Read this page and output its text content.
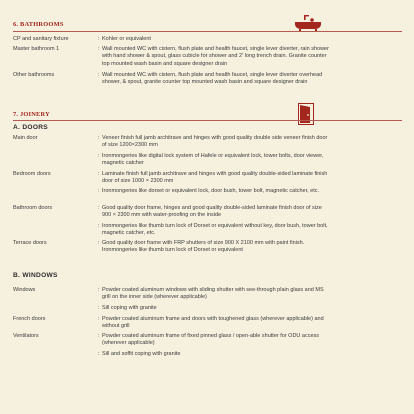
6. BATHROOMS
CP and sanitary fixture	: Kohler or equivalent
Master bathroom 1	: Wall mounted WC with cistern, flush plate and health faucet, single lever diverter, rain shower with hand shower & spout, glass cubicle for shower and 2' long trench drain. Granite counter top mounted wash basin and square designer drain
Other bathrooms	: Wall mounted WC with cistern, flush plate and health faucet, single lever diverter overhead shower, & spout, granite counter top mounted wash basin and square designer drain
7. JOINERY
A. DOORS
Main door	: Veneer finish full jamb architrave and hinges with good quality double side veneer finish door of size 1200×2300 mm
: Ironmongeries like digital lock system of Hafele or equivalent lock, tower bolts, door viewer, magnetic catcher
Bedroom doors	: Laminate finish full jamb architrave and hinges with good quality double-sided laminate finish door of size 1000 × 2300 mm
: Ironmongeries like dorset or equivalent lock, door bush, tower bolt, magnetic catcher, etc.
Bathroom doors	: Good quality door frame, hinges and good quality double-sided laminate finish door of size 900 × 2300 mm with water-proofing on the inside
: Ironmongeries like thumb turn lock of Dorset or equivalent without key, door bush, tower bolt, magnetic catcher, etc.
Terrace doors	: Good quality door frame with FRP shutters of size 900 X 2100 mm with paint finish. Ironmongeries like thumb turn lock of Dorset or equivalent
B. WINDOWS
Windows	: Powder coated aluminum windows with sliding shutter with see-through plain glass and MS grill on the inner side (wherever applicable)
: Sill coping with granite
French doors	: Powder coated aluminum frame and doors with toughened glass (wherever applicable) and without grill
Ventilators	: Powder coated aluminum frame of fixed pinned glass / open-able shutter for ODU access (wherever applicable)
: Sill and soffit coping with granite
